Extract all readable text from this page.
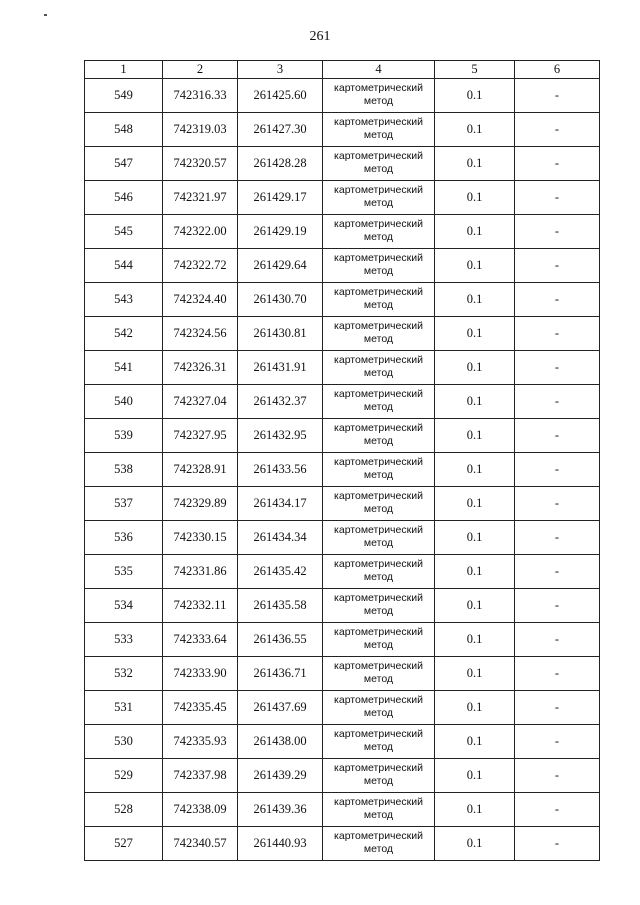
261
1	2	3	4	5	6
549	742316.33	261425.60	картометрический метод	0.1	-
548	742319.03	261427.30	картометрический метод	0.1	-
547	742320.57	261428.28	картометрический метод	0.1	-
546	742321.97	261429.17	картометрический метод	0.1	-
545	742322.00	261429.19	картометрический метод	0.1	-
544	742322.72	261429.64	картометрический метод	0.1	-
543	742324.40	261430.70	картометрический метод	0.1	-
542	742324.56	261430.81	картометрический метод	0.1	-
541	742326.31	261431.91	картометрический метод	0.1	-
540	742327.04	261432.37	картометрический метод	0.1	-
539	742327.95	261432.95	картометрический метод	0.1	-
538	742328.91	261433.56	картометрический метод	0.1	-
537	742329.89	261434.17	картометрический метод	0.1	-
536	742330.15	261434.34	картометрический метод	0.1	-
535	742331.86	261435.42	картометрический метод	0.1	-
534	742332.11	261435.58	картометрический метод	0.1	-
533	742333.64	261436.55	картометрический метод	0.1	-
532	742333.90	261436.71	картометрический метод	0.1	-
531	742335.45	261437.69	картометрический метод	0.1	-
530	742335.93	261438.00	картометрический метод	0.1	-
529	742337.98	261439.29	картометрический метод	0.1	-
528	742338.09	261439.36	картометрический метод	0.1	-
527	742340.57	261440.93	картометрический метод	0.1	-
